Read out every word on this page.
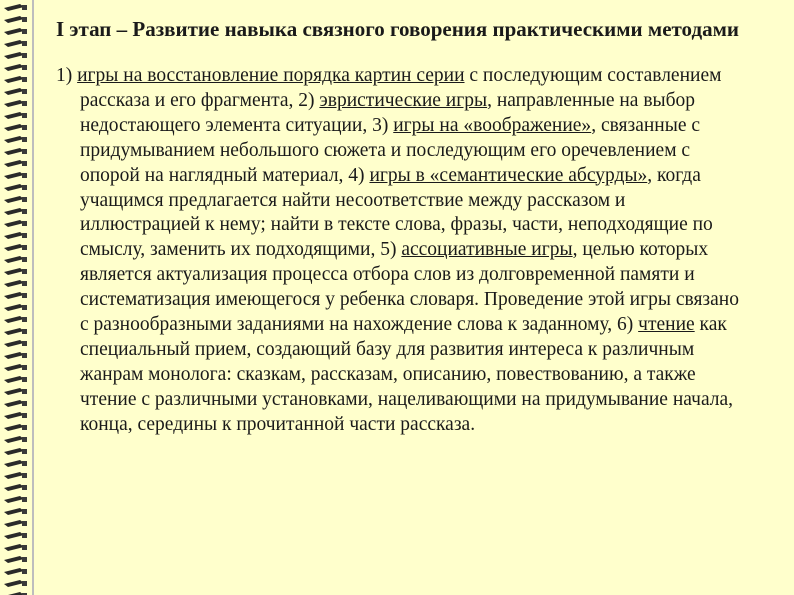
I этап – Развитие навыка связного говорения практическими методами

1) игры на восстановление порядка картин серии с последующим составлением рассказа и его фрагмента, 2) эвристические игры, направленные на выбор недостающего элемента ситуации, 3) игры на «воображение», связанные с придумыванием небольшого сюжета и последующим его оречевлением с опорой на наглядный материал, 4) игры в «семантические абсурды», когда учащимся предлагается найти несоответствие между рассказом и иллюстрацией к нему; найти в тексте слова, фразы, части, неподходящие по смыслу, заменить их подходящими, 5) ассоциативные игры, целью которых является актуализация процесса отбора слов из долговременной памяти и систематизация имеющегося у ребенка словаря. Проведение этой игры связано с разнообразными заданиями на нахождение слова к заданному, 6) чтение как специальный прием, создающий базу для развития интереса к различным жанрам монолога: сказкам, рассказам, описанию, повествованию, а также чтение с различными установками, нацеливающими на придумывание начала, конца, середины к прочитанной части рассказа.
